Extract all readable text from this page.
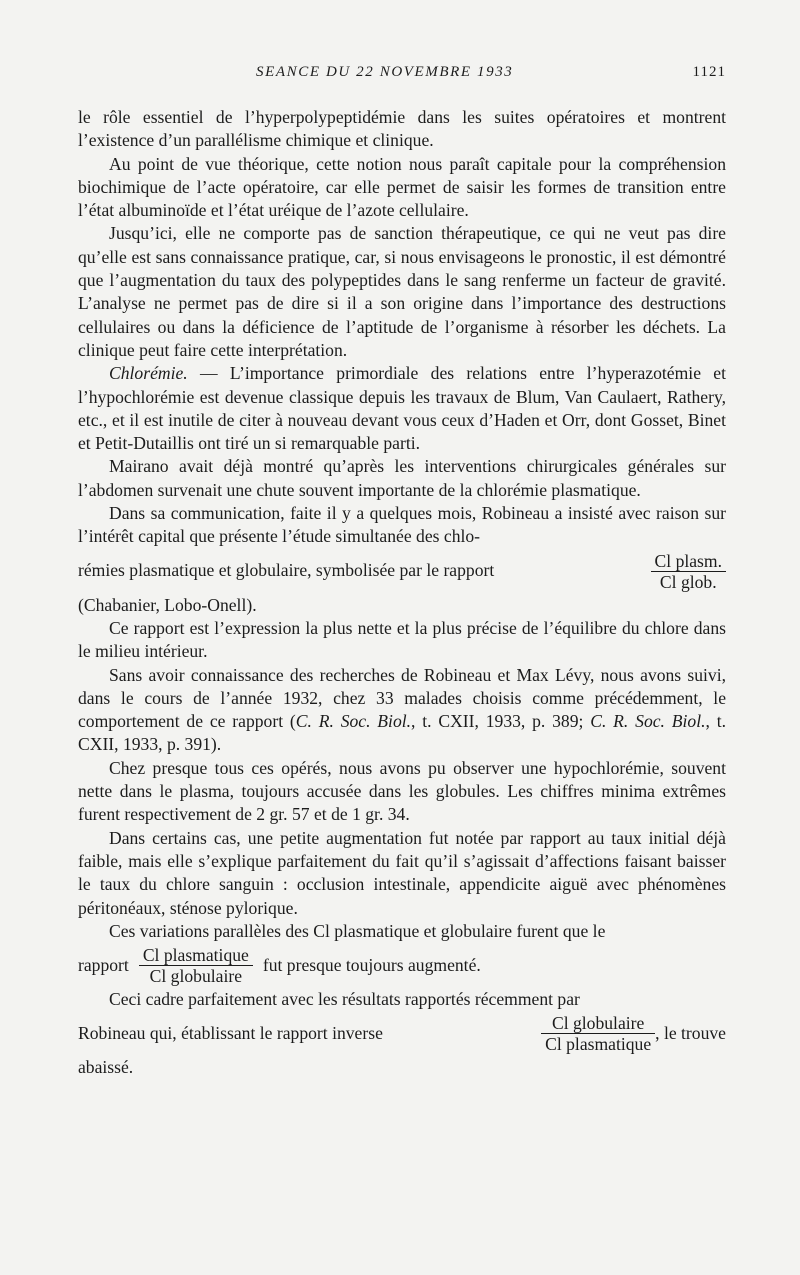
SEANCE DU 22 NOVEMBRE 1933	1121

le rôle essentiel de l’hyperpolypeptidémie dans les suites opératoires et montrent l’existence d’un parallélisme chimique et clinique.

Au point de vue théorique, cette notion nous paraît capitale pour la compréhension biochimique de l’acte opératoire, car elle permet de saisir les formes de transition entre l’état albuminoïde et l’état uréique de l’azote cellulaire.

Jusqu’ici, elle ne comporte pas de sanction thérapeutique, ce qui ne veut pas dire qu’elle est sans connaissance pratique, car, si nous envisageons le pronostic, il est démontré que l’augmentation du taux des polypeptides dans le sang renferme un facteur de gravité. L’analyse ne permet pas de dire si il a son origine dans l’importance des destructions cellulaires ou dans la déficience de l’aptitude de l’organisme à résorber les déchets. La clinique peut faire cette interprétation.

Chlorémie. — L’importance primordiale des relations entre l’hyperazotémie et l’hypochlorémie est devenue classique depuis les travaux de Blum, Van Caulaert, Rathery, etc., et il est inutile de citer à nouveau devant vous ceux d’Haden et Orr, dont Gosset, Binet et Petit-Dutaillis ont tiré un si remarquable parti.

Mairano avait déjà montré qu’après les interventions chirurgicales générales sur l’abdomen survenait une chute souvent importante de la chlorémie plasmatique.

Dans sa communication, faite il y a quelques mois, Robineau a insisté avec raison sur l’intérêt capital que présente l’étude simultanée des chlo-

rémies plasmatique et globulaire, symbolisée par le rapport	$\frac{\text{Cl plasm.}}{\text{Cl glob.}}$

(Chabanier, Lobo-Onell).

Ce rapport est l’expression la plus nette et la plus précise de l’équilibre du chlore dans le milieu intérieur.

Sans avoir connaissance des recherches de Robineau et Max Lévy, nous avons suivi, dans le cours de l’année 1932, chez 33 malades choisis comme précédemment, le comportement de ce rapport (C. R. Soc. Biol., t. CXII, 1933, p. 389; C. R. Soc. Biol., t. CXII, 1933, p. 391).

Chez presque tous ces opérés, nous avons pu observer une hypochlorémie, souvent nette dans le plasma, toujours accusée dans les globules. Les chiffres minima extrêmes furent respectivement de 2 gr. 57 et de 1 gr. 34.

Dans certains cas, une petite augmentation fut notée par rapport au taux initial déjà faible, mais elle s’explique parfaitement du fait qu’il s’agissait d’affections faisant baisser le taux du chlore sanguin : occlusion intestinale, appendicite aiguë avec phénomènes péritonéaux, sténose pylorique.

Ces variations parallèles des Cl plasmatique et globulaire furent que le

rapport $\frac{\text{Cl plasmatique}}{\text{Cl globulaire}}$ fut presque toujours augmenté.

Ceci cadre parfaitement avec les résultats rapportés récemment par

Robineau qui, établissant le rapport inverse	$\frac{\text{Cl globulaire}}{\text{Cl plasmatique}}$ , le trouve

abaissé.
